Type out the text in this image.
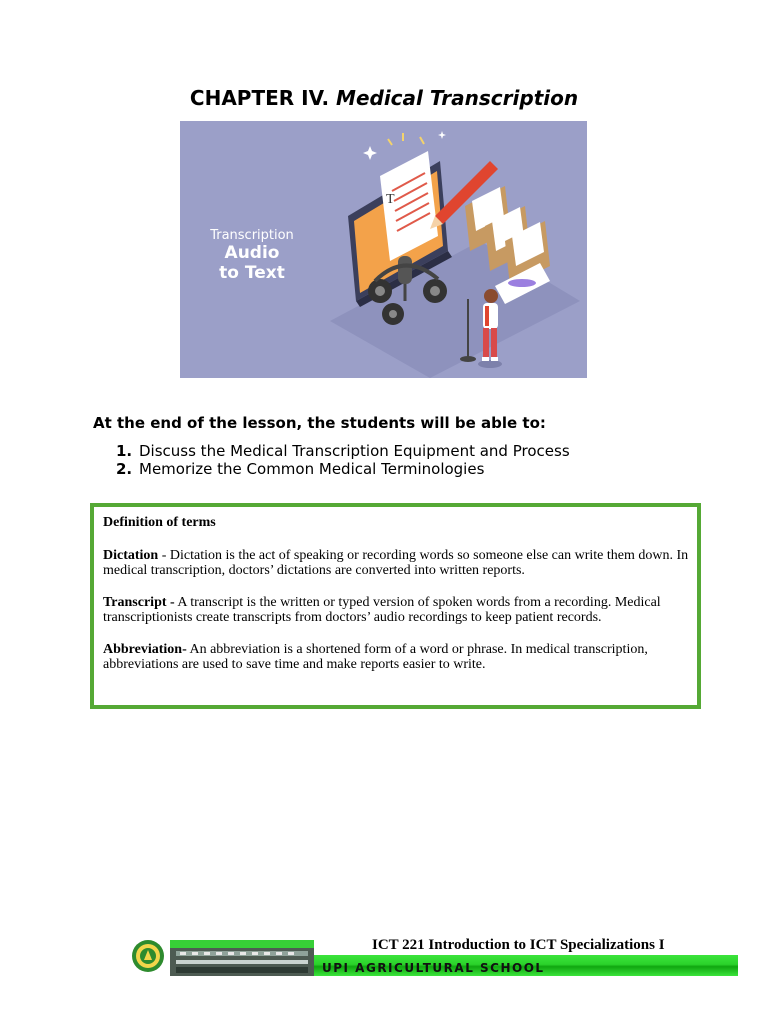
CHAPTER IV. Medical Transcription
T
Transcription
Audio
to Text
At the end of the lesson, the students will be able to:
1. Discuss the Medical Transcription Equipment and Process
2. Memorize the Common Medical Terminologies
Definition of terms
Dictation - Dictation is the act of speaking or recording words so someone else can write them down. In medical transcription, doctors’ dictations are converted into written reports.
Transcript - A transcript is the written or typed version of spoken words from a recording. Medical transcriptionists create transcripts from doctors’ audio recordings to keep patient records.
Abbreviation- An abbreviation is a shortened form of a word or phrase. In medical transcription, abbreviations are used to save time and make reports easier to write.
ICT 221 Introduction to ICT Specializations I
UPI AGRICULTURAL SCHOOL
